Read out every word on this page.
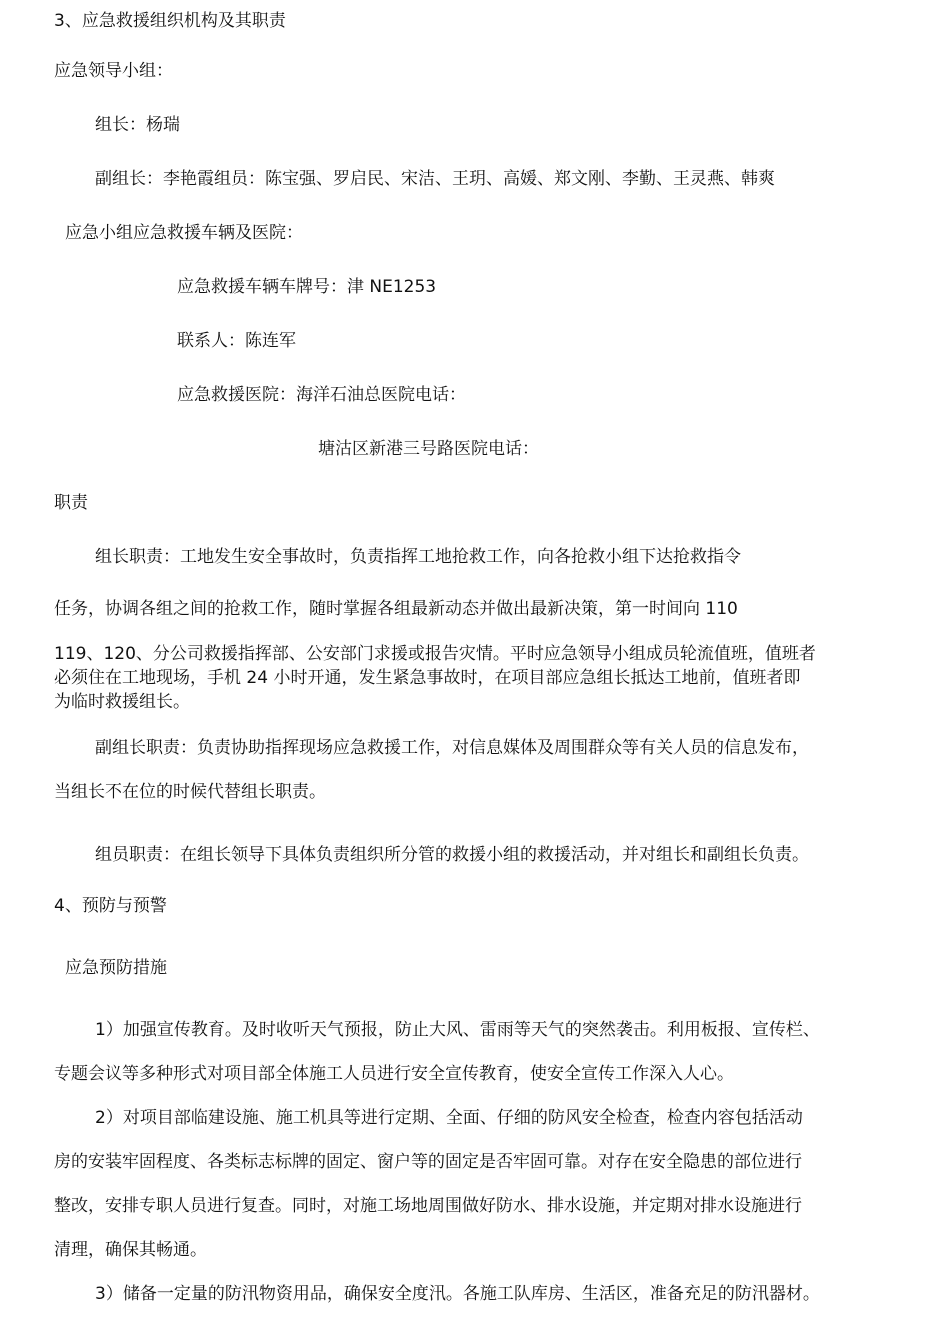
3、应急救援组织机构及其职责
应急领导小组：
组长：杨瑞
副组长：李艳霞组员：陈宝强、罗启民、宋洁、王玥、高媛、郑文刚、李勤、王灵燕、韩爽
应急小组应急救援车辆及医院：
应急救援车辆车牌号：津 NE1253
联系人：陈连军
应急救援医院：海洋石油总医院电话：
塘沽区新港三号路医院电话：
职责
组长职责：工地发生安全事故时，负责指挥工地抢救工作，向各抢救小组下达抢救指令
任务，协调各组之间的抢救工作，随时掌握各组最新动态并做出最新决策，第一时间向 110
119、120、分公司救援指挥部、公安部门求援或报告灾情。平时应急领导小组成员轮流值班，值班者
必须住在工地现场，手机 24 小时开通，发生紧急事故时，在项目部应急组长抵达工地前，值班者即
为临时救援组长。
副组长职责：负责协助指挥现场应急救援工作，对信息媒体及周围群众等有关人员的信息发布，
当组长不在位的时候代替组长职责。
组员职责：在组长领导下具体负责组织所分管的救援小组的救援活动，并对组长和副组长负责。
4、预防与预警
应急预防措施
1）加强宣传教育。及时收听天气预报，防止大风、雷雨等天气的突然袭击。利用板报、宣传栏、
专题会议等多种形式对项目部全体施工人员进行安全宣传教育，使安全宣传工作深入人心。
2）对项目部临建设施、施工机具等进行定期、全面、仔细的防风安全检查，检查内容包括活动
房的安装牢固程度、各类标志标牌的固定、窗户等的固定是否牢固可靠。对存在安全隐患的部位进行
整改，安排专职人员进行复查。同时，对施工场地周围做好防水、排水设施，并定期对排水设施进行
清理，确保其畅通。
3）储备一定量的防汛物资用品，确保安全度汛。各施工队库房、生活区，准备充足的防汛器材。
